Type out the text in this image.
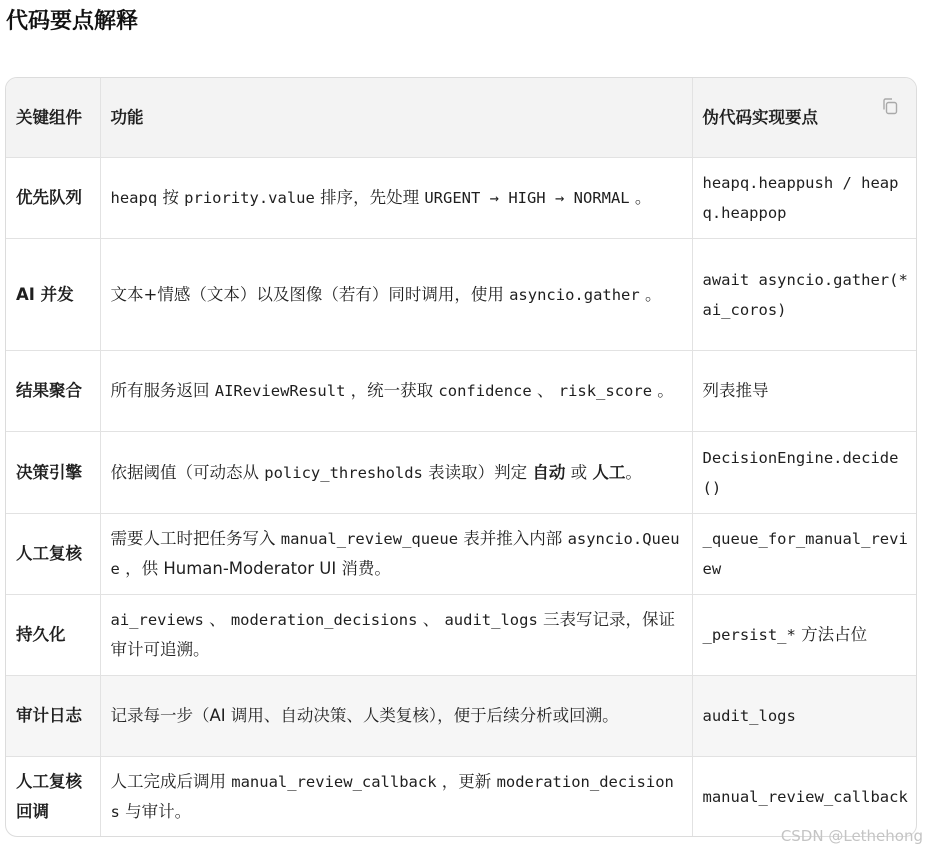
代码要点解释
关键组件	功能	伪代码实现要点

优先队列	heapq 按 priority.value 排序，先处理 URGENT → HIGH → NORMAL 。	heapq.heappush / heapq.heappop
AI 并发	文本+情感（文本）以及图像（若有）同时调用，使用 asyncio.gather 。	await asyncio.gather(*ai_coros)
结果聚合	所有服务返回 AIReviewResult ，统一获取 confidence 、 risk_score 。	列表推导
决策引擎	依据阈值（可动态从 policy_thresholds 表读取）判定 自动 或 人工。	DecisionEngine.decide()
人工复核	需要人工时把任务写入 manual_review_queue 表并推入内部 asyncio.Queue ，供 Human-Moderator UI 消费。	_queue_for_manual_review
持久化	ai_reviews 、 moderation_decisions 、 audit_logs 三表写记录，保证审计可追溯。	_persist_* 方法占位
审计日志	记录每一步（AI 调用、自动决策、人类复核），便于后续分析或回溯。	audit_logs
人工复核回调	人工完成后调用 manual_review_callback ，更新 moderation_decisions 与审计。	manual_review_callback
CSDN @Lethehong
